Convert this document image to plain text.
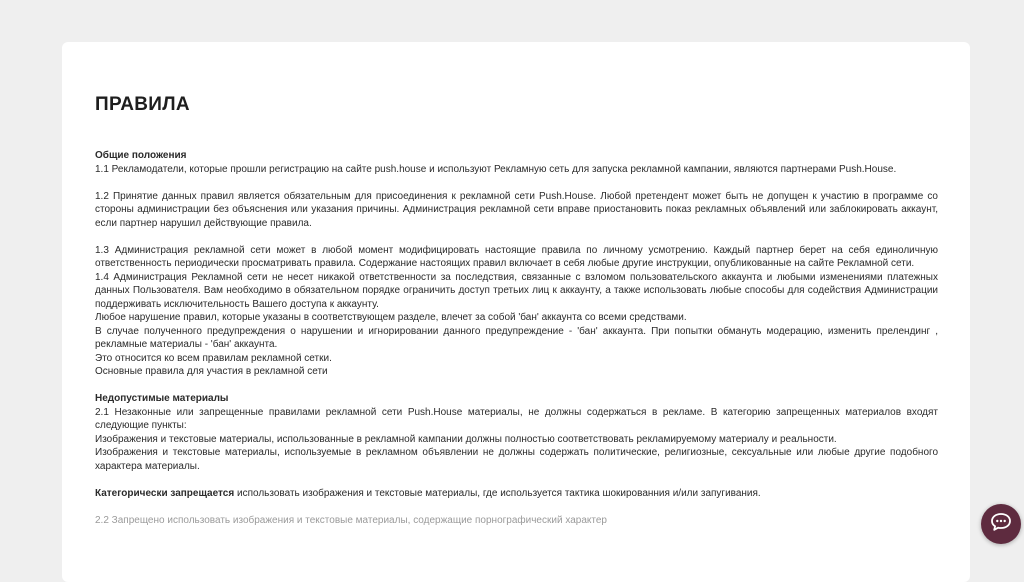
ПРАВИЛА

Общие положения

1.1 Рекламодатели, которые прошли регистрацию на сайте push.house и используют Рекламную сеть для запуска рекламной кампании, являются партнерами Push.House.

1.2 Принятие данных правил является обязательным для присоединения к рекламной сети Push.House. Любой претендент может быть не допущен к участию в программе со стороны администрации без объяснения или указания причины. Администрация рекламной сети вправе приостановить показ рекламных объявлений или заблокировать аккаунт, если партнер нарушил действующие правила.

1.3 Администрация рекламной сети может в любой момент модифицировать настоящие правила по личному усмотрению. Каждый партнер берет на себя единоличную ответственность периодически просматривать правила. Содержание настоящих правил включает в себя любые другие инструкции, опубликованные на сайте Рекламной сети.

1.4 Администрация Рекламной сети не несет никакой ответственности за последствия, связанные с взломом пользовательского аккаунта и любыми изменениями платежных данных Пользователя. Вам необходимо в обязательном порядке ограничить доступ третьих лиц к аккаунту, а также использовать любые способы для содействия Администрации поддерживать исключительность Вашего доступа к аккаунту.

Любое нарушение правил, которые указаны в соответствующем разделе, влечет за собой 'бан' аккаунта со всеми средствами.

В случае полученного предупреждения о нарушении и игнорировании данного предупреждение - 'бан' аккаунта. При попытки обмануть модерацию, изменить прелендинг , рекламные материалы - 'бан' аккаунта.

Это относится ко всем правилам рекламной сетки.

Основные правила для участия в рекламной сети

Недопустимые материалы

2.1 Незаконные или запрещенные правилами рекламной сети Push.House материалы, не должны содержаться в рекламе. В категорию запрещенных материалов входят следующие пункты:

Изображения и текстовые материалы, использованные в рекламной кампании должны полностью соответствовать рекламируемому материалу и реальности.

Изображения и текстовые материалы, используемые в рекламном объявлении не должны содержать политические, религиозные, сексуальные или любые другие подобного характера материалы.

Категорически запрещается использовать изображения и текстовые материалы, где используется тактика шокированния и/или запугивания.

2.2 Запрещено использовать изображения и текстовые материалы, содержащие порнографический характер
